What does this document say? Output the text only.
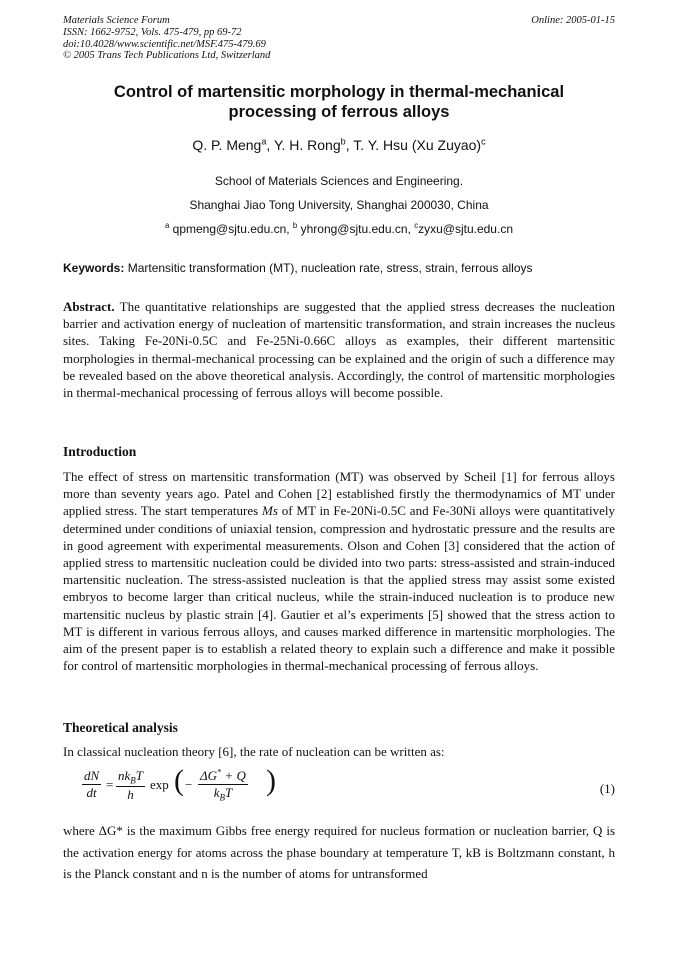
Materials Science Forum
ISSN: 1662-9752, Vols. 475-479, pp 69-72
doi:10.4028/www.scientific.net/MSF.475-479.69
© 2005 Trans Tech Publications Ltd, Switzerland
Online: 2005-01-15
Control of martensitic morphology in thermal-mechanical
processing of ferrous alloys
Q. P. Meng$^a$, Y. H. Rong$^b$, T. Y. Hsu (Xu Zuyao)$^c$
School of Materials Sciences and Engineering.
Shanghai Jiao Tong University, Shanghai 200030, China
$^a$ qpmeng@sjtu.edu.cn, $^b$ yhrong@sjtu.edu.cn, $^c$zyxu@sjtu.edu.cn
Keywords: Martensitic transformation (MT), nucleation rate, stress, strain, ferrous alloys
Abstract. The quantitative relationships are suggested that the applied stress decreases the nucleation barrier and activation energy of nucleation of martensitic transformation, and strain increases the nucleus sites. Taking Fe-20Ni-0.5C and Fe-25Ni-0.66C alloys as examples, their different martensitic morphologies in thermal-mechanical processing can be explained and the origin of such a difference may be revealed based on the above theoretical analysis. Accordingly, the control of martensitic morphologies in thermal-mechanical processing of ferrous alloys will become possible.
Introduction
The effect of stress on martensitic transformation (MT) was observed by Scheil [1] for ferrous alloys more than seventy years ago. Patel and Cohen [2] established firstly the thermodynamics of MT under applied stress. The start temperatures Ms of MT in Fe-20Ni-0.5C and Fe-30Ni alloys were quantitatively determined under conditions of uniaxial tension, compression and hydrostatic pressure and the results are in good agreement with experimental measurements. Olson and Cohen [3] considered that the action of applied stress to martensitic nucleation could be divided into two parts: stress-assisted and strain-induced martensitic nucleation. The stress-assisted nucleation is that the applied stress may assist some existed embryos to become larger than critical nucleus, while the strain-induced nucleation is to produce new martensitic nucleus by plastic strain [4]. Gautier et al’s experiments [5] showed that the stress action to MT is different in various ferrous alloys, and causes marked difference in martensitic morphologies. The aim of the present paper is to establish a related theory to explain such a difference and make it possible for control of martensitic morphologies in thermal-mechanical processing of ferrous alloys.
Theoretical analysis
In classical nucleation theory [6], the rate of nucleation can be written as:
$\frac{dN}{dt}$ =
$nk_BT$
h
exp ( −
ΔG* + Q
$k_BT$	)	(1)
where ΔG* is the maximum Gibbs free energy required for nucleus formation or nucleation barrier, Q is the activation energy for atoms across the phase boundary at temperature T, kB is Boltzmann constant, h is the Planck constant and n is the number of atoms for untransformed
